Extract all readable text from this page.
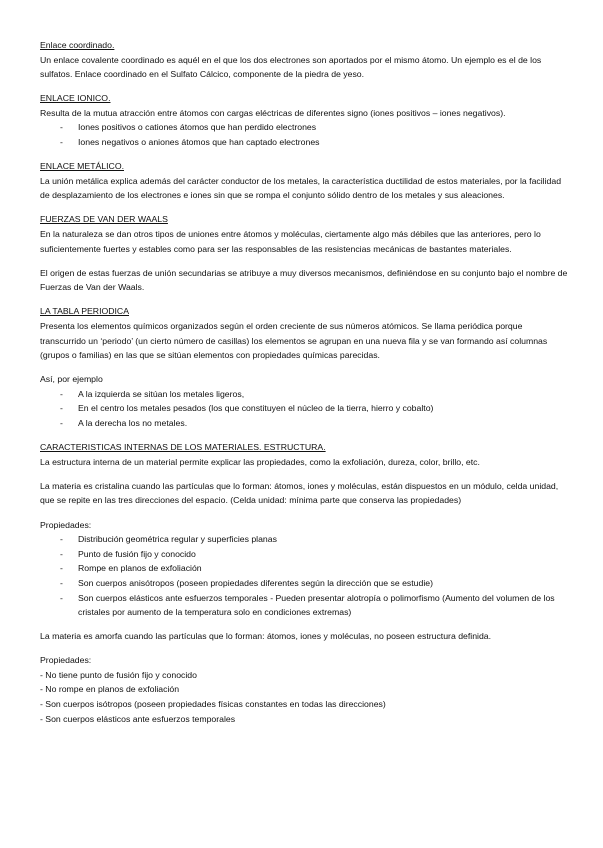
Enlace coordinado.

Un enlace covalente coordinado es aquél en el que los dos electrones son aportados por el mismo átomo. Un ejemplo es el de los sulfatos. Enlace coordinado en el Sulfato Cálcico, componente de la piedra de yeso.

ENLACE IONICO.

Resulta de la mutua atracción entre átomos con cargas eléctricas de diferentes signo (iones positivos – iones negativos).

- Iones positivos o cationes átomos que han perdido electrones
- Iones negativos o aniones átomos que han captado electrones

ENLACE METÁLICO.

La unión metálica explica además del carácter conductor de los metales, la característica ductilidad de estos materiales, por la facilidad de desplazamiento de los electrones e iones sin que se rompa el conjunto sólido dentro de los metales y sus aleaciones.

FUERZAS DE VAN DER WAALS

En la naturaleza se dan otros tipos de uniones entre átomos y moléculas, ciertamente algo más débiles que las anteriores, pero lo suficientemente fuertes y estables como para ser las responsables de las resistencias mecánicas de bastantes materiales.

El origen de estas fuerzas de unión secundarias se atribuye a muy diversos mecanismos, definiéndose en su conjunto bajo el nombre de Fuerzas de Van der Waals.

LA TABLA PERIODICA

Presenta los elementos químicos organizados según el orden creciente de sus números atómicos. Se llama periódica porque transcurrido un ‘periodo’ (un cierto número de casillas) los elementos se agrupan en una nueva fila y se van formando así columnas (grupos o familias) en las que se sitúan elementos con propiedades químicas parecidas.

Así, por ejemplo

- A la izquierda se sitúan los metales ligeros,
- En el centro los metales pesados (los que constituyen el núcleo de la tierra, hierro y cobalto)
- A la derecha los no metales.

CARACTERISTICAS INTERNAS DE LOS MATERIALES. ESTRUCTURA.

La estructura interna de un material permite explicar las propiedades, como la exfoliación, dureza, color, brillo, etc.

La materia es cristalina cuando las partículas que lo forman: átomos, iones y moléculas, están dispuestos en un módulo, celda unidad, que se repite en las tres direcciones del espacio. (Celda unidad: mínima parte que conserva las propiedades)

Propiedades:

- Distribución geométrica regular y superficies planas
- Punto de fusión fijo y conocido
- Rompe en planos de exfoliación
- Son cuerpos anisótropos (poseen propiedades diferentes según la dirección que se estudie)
- Son cuerpos elásticos ante esfuerzos temporales - Pueden presentar alotropía o polimorfismo (Aumento del volumen de los cristales por aumento de la temperatura solo en condiciones extremas)

La materia es amorfa cuando las partículas que lo forman: átomos, iones y moléculas, no poseen estructura definida.

Propiedades:

- No tiene punto de fusión fijo y conocido

- No rompe en planos de exfoliación

- Son cuerpos isótropos (poseen propiedades físicas constantes en todas las direcciones)

- Son cuerpos elásticos ante esfuerzos temporales
